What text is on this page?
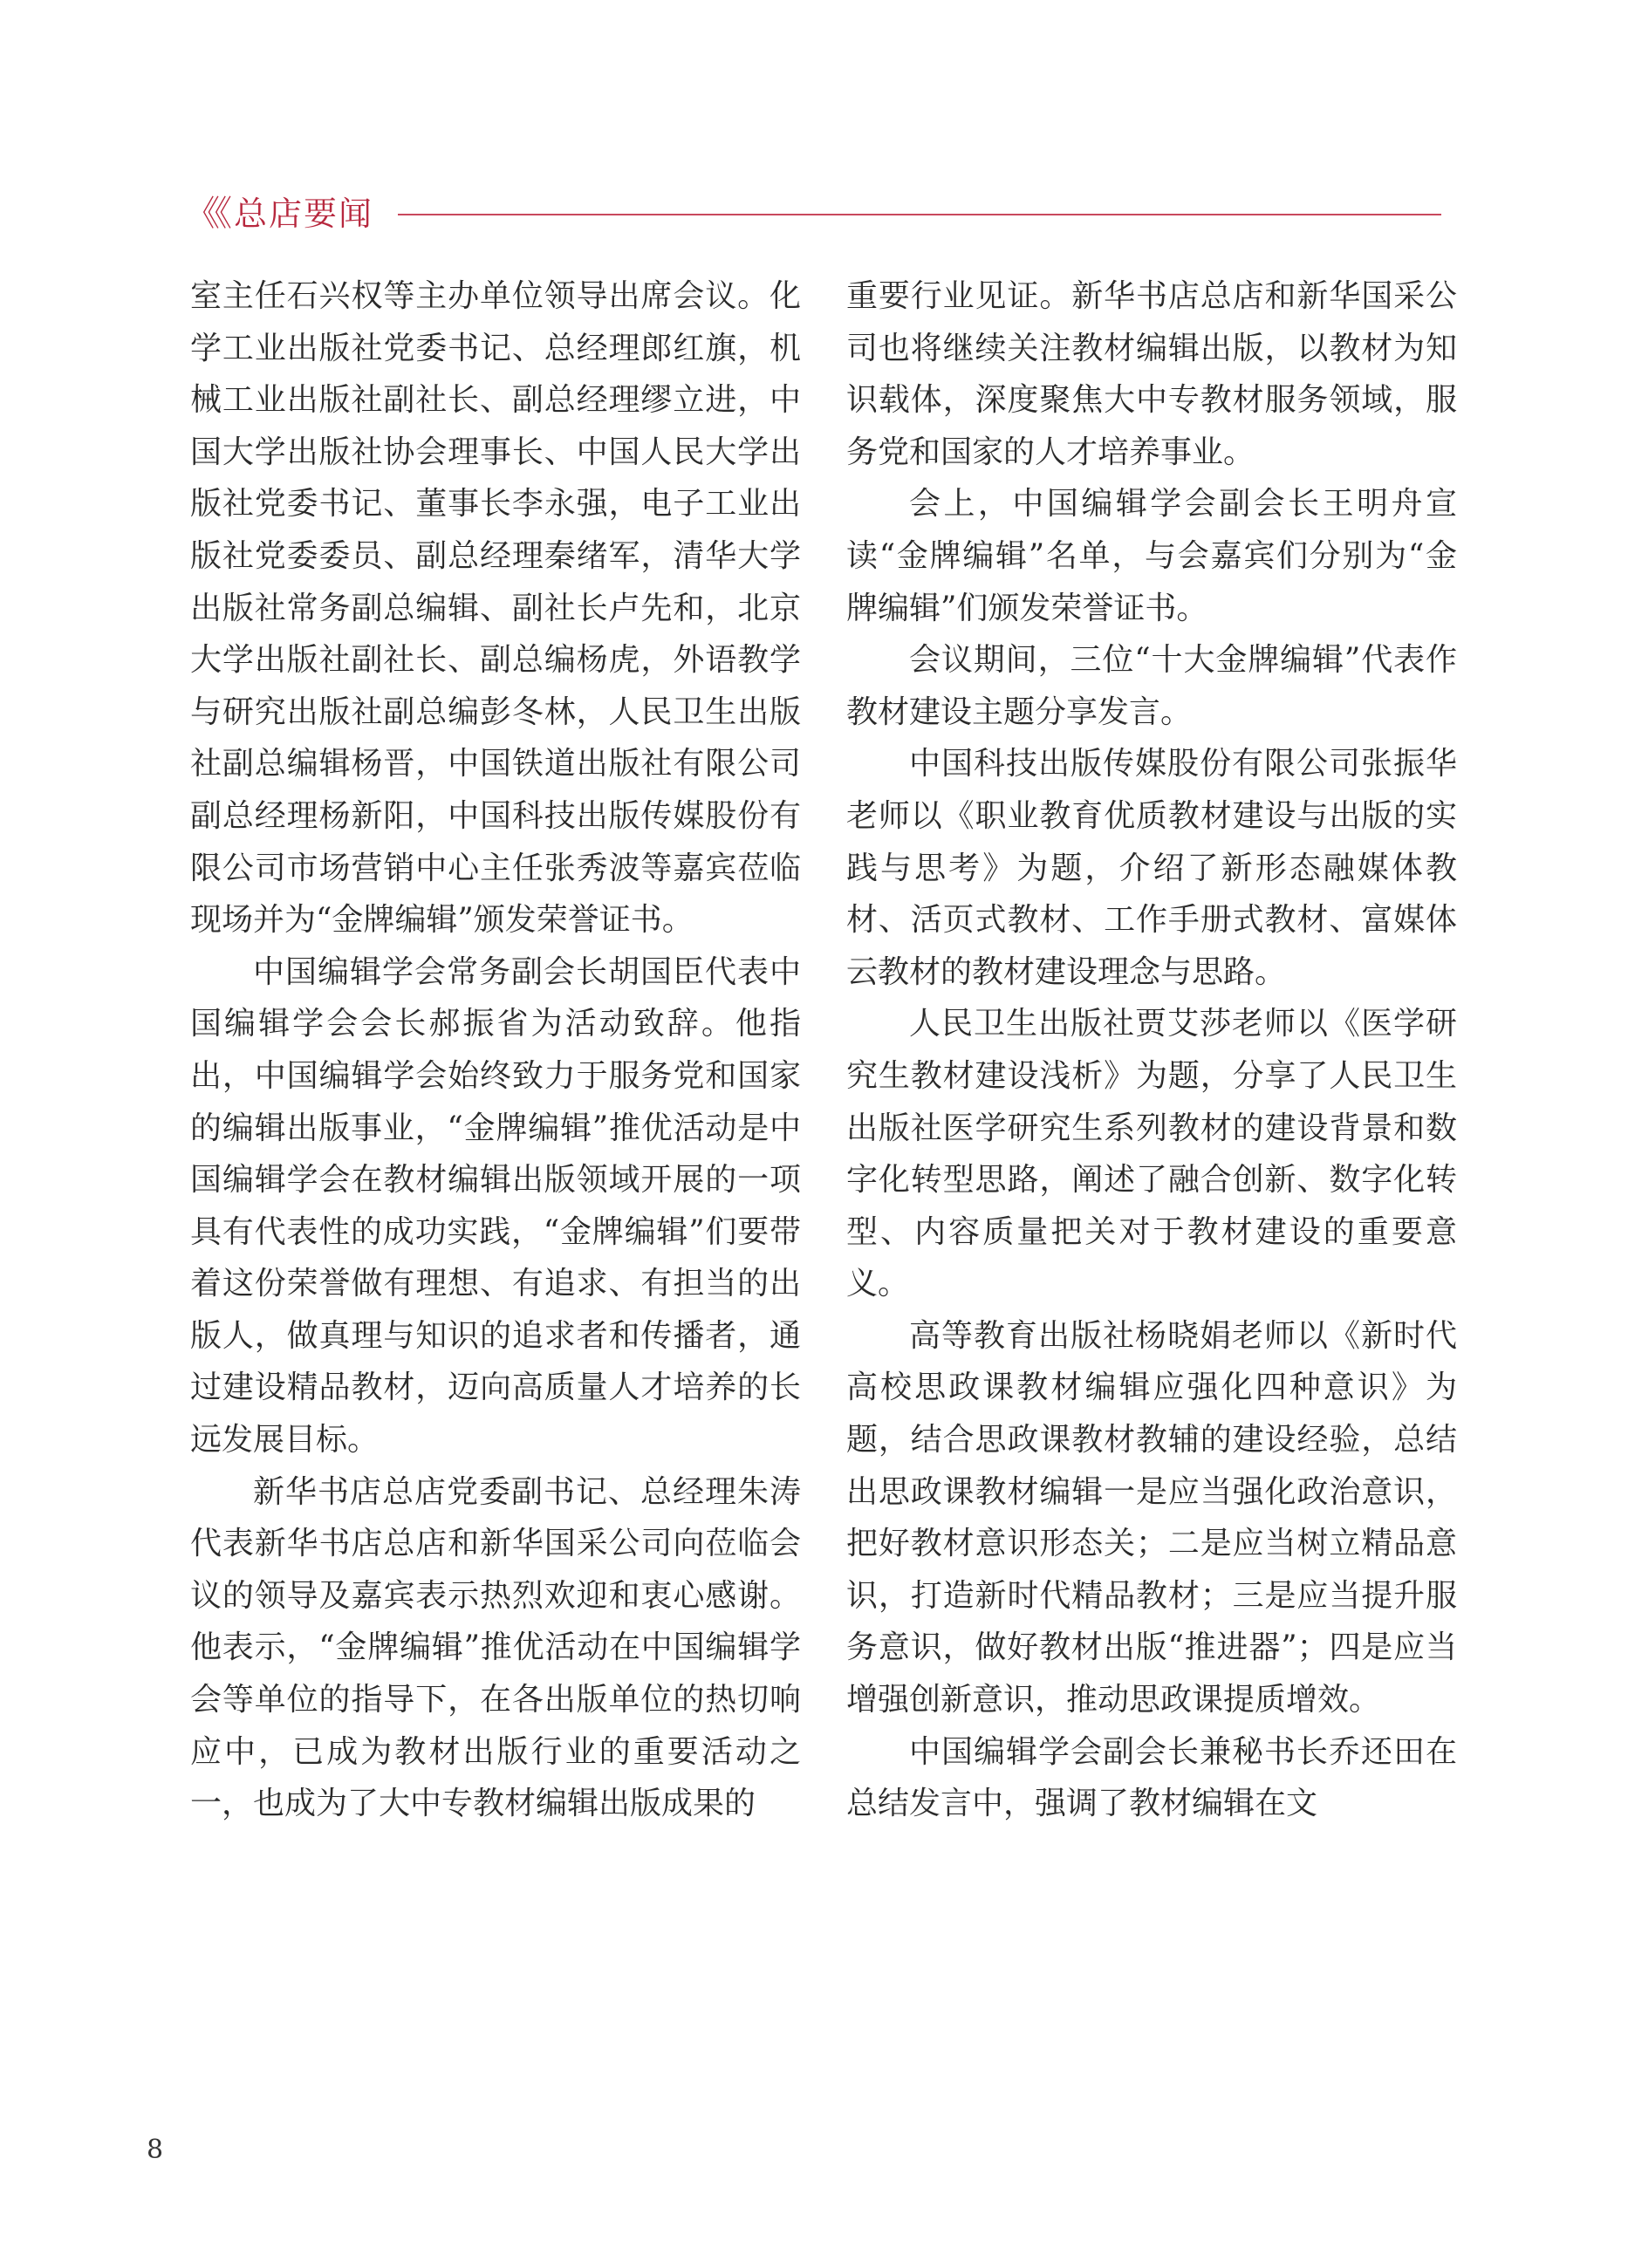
《《 总店要闻

室主任石兴权等主办单位领导出席会议。化学工业出版社党委书记、总经理郎红旗，机械工业出版社副社长、副总经理缪立进，中国大学出版社协会理事长、中国人民大学出版社党委书记、董事长李永强，电子工业出版社党委委员、副总经理秦绪军，清华大学出版社常务副总编辑、副社长卢先和，北京大学出版社副社长、副总编杨虎，外语教学与研究出版社副总编彭冬林，人民卫生出版社副总编辑杨晋，中国铁道出版社有限公司副总经理杨新阳，中国科技出版传媒股份有限公司市场营销中心主任张秀波等嘉宾莅临现场并为“金牌编辑”颁发荣誉证书。

中国编辑学会常务副会长胡国臣代表中国编辑学会会长郝振省为活动致辞。他指出，中国编辑学会始终致力于服务党和国家的编辑出版事业，“金牌编辑”推优活动是中国编辑学会在教材编辑出版领域开展的一项具有代表性的成功实践，“金牌编辑”们要带着这份荣誉做有理想、有追求、有担当的出版人，做真理与知识的追求者和传播者，通过建设精品教材，迈向高质量人才培养的长远发展目标。

新华书店总店党委副书记、总经理朱涛代表新华书店总店和新华国采公司向莅临会议的领导及嘉宾表示热烈欢迎和衷心感谢。他表示，“金牌编辑”推优活动在中国编辑学会等单位的指导下，在各出版单位的热切响应中，已成为教材出版行业的重要活动之一，也成为了大中专教材编辑出版成果的

重要行业见证。新华书店总店和新华国采公司也将继续关注教材编辑出版，以教材为知识载体，深度聚焦大中专教材服务领域，服务党和国家的人才培养事业。

会上，中国编辑学会副会长王明舟宣读“金牌编辑”名单，与会嘉宾们分别为“金牌编辑”们颁发荣誉证书。

会议期间，三位“十大金牌编辑”代表作教材建设主题分享发言。

中国科技出版传媒股份有限公司张振华老师以《职业教育优质教材建设与出版的实践与思考》为题，介绍了新形态融媒体教材、活页式教材、工作手册式教材、富媒体云教材的教材建设理念与思路。

人民卫生出版社贾艾莎老师以《医学研究生教材建设浅析》为题，分享了人民卫生出版社医学研究生系列教材的建设背景和数字化转型思路，阐述了融合创新、数字化转型、内容质量把关对于教材建设的重要意义。

高等教育出版社杨晓娟老师以《新时代高校思政课教材编辑应强化四种意识》为题，结合思政课教材教辅的建设经验，总结出思政课教材编辑一是应当强化政治意识，把好教材意识形态关；二是应当树立精品意识，打造新时代精品教材；三是应当提升服务意识，做好教材出版“推进器”；四是应当增强创新意识，推动思政课提质增效。

中国编辑学会副会长兼秘书长乔还田在总结发言中，强调了教材编辑在文

8
